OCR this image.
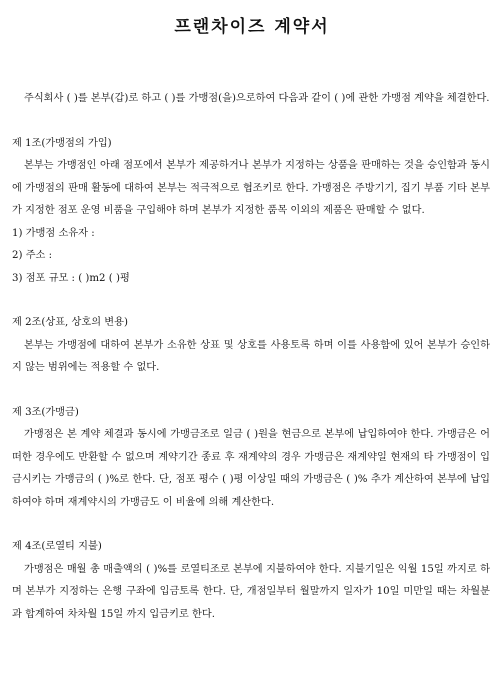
프랜차이즈 계약서

주식회사 ( )를 본부(갑)로 하고 ( )를 가맹점(을)으로하여 다음과 같이 ( )에 관한 가맹점 계약을 체결한다.

제 1조(가맹점의 가입)

본부는 가맹점인 아래 점포에서 본부가 제공하거나 본부가 지정하는 상품을 판매하는 것을 승인함과 동시에 가맹점의 판매 활동에 대하여 본부는 적극적으로 협조키로 한다. 가맹점은 주방기기, 집기 부품 기타 본부가 지정한 점포 운영 비품을 구입해야 하며 본부가 지정한 품목 이외의 제품은 판매할 수 없다.

1) 가맹점 소유자 :

2) 주소 :

3) 점포 규모 : ( )m2 ( )평

제 2조(상표, 상호의 변용)

본부는 가맹점에 대하여 본부가 소유한 상표 및 상호를 사용토록 하며 이를 사용함에 있어 본부가 승인하지 않는 범위에는 적용할 수 없다.

제 3조(가맹금)

가맹점은 본 계약 체결과 동시에 가맹금조로 일금 ( )원을 현금으로 본부에 납입하여야 한다. 가맹금은 어떠한 경우에도 반환할 수 없으며 계약기간 종료 후 재계약의 경우 가맹금은 재계약일 현재의 타 가맹점이 입금시키는 가맹금의 ( )%로 한다. 단, 점포 평수 ( )평 이상일 때의 가맹금은 ( )% 추가 계산하여 본부에 납입하여야 하며 재계약시의 가맹금도 이 비율에 의해 계산한다.

제 4조(로열티 지불)

가맹점은 매월 총 매출액의 ( )%를 로열티조로 본부에 지불하여야 한다. 지불기일은 익월 15일 까지로 하며 본부가 지정하는 은행 구좌에 입금토록 한다. 단, 개점일부터 월말까지 일자가 10일 미만일 때는 차월분과 합계하여 차차월 15일 까지 입금키로 한다.
